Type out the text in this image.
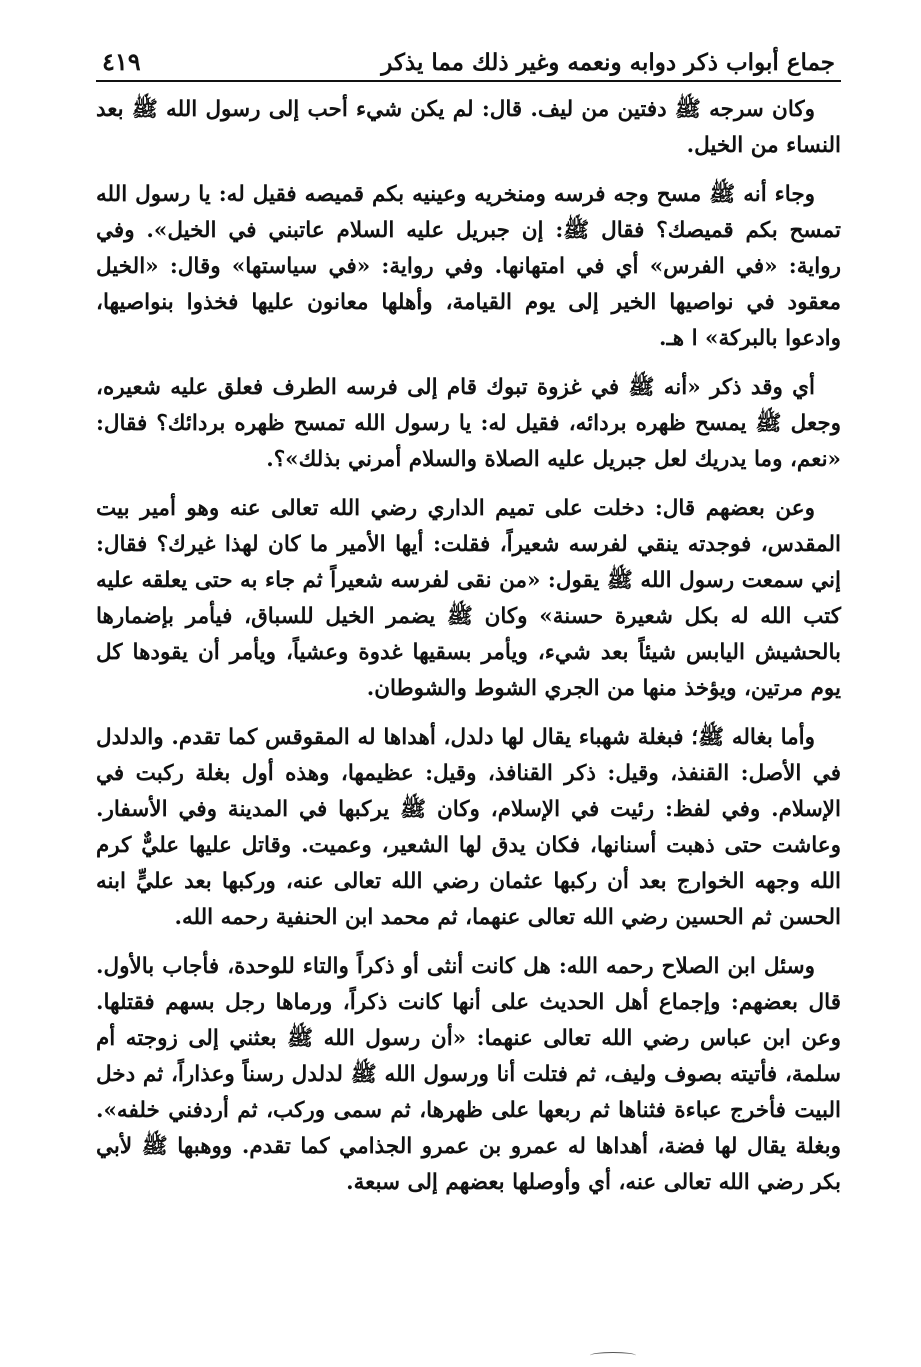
جماع أبواب ذكر دوابه ونعمه وغير ذلك مما يذكر
٤١٩

وكان سرجه ﷺ دفتين من ليف. قال: لم يكن شيء أحب إلى رسول الله ﷺ بعد النساء من الخيل.

وجاء أنه ﷺ مسح وجه فرسه ومنخريه وعينيه بكم قميصه فقيل له: يا رسول الله تمسح بكم قميصك؟ فقال ﷺ: إن جبريل عليه السلام عاتبني في الخيل». وفي رواية: «في الفرس» أي في امتهانها. وفي رواية: «في سياستها» وقال: «الخيل معقود في نواصيها الخير إلى يوم القيامة، وأهلها معانون عليها فخذوا بنواصيها، وادعوا بالبركة» ا هـ.

أي وقد ذكر «أنه ﷺ في غزوة تبوك قام إلى فرسه الطرف فعلق عليه شعيره، وجعل ﷺ يمسح ظهره بردائه، فقيل له: يا رسول الله تمسح ظهره بردائك؟ فقال: «نعم، وما يدريك لعل جبريل عليه الصلاة والسلام أمرني بذلك»؟.

وعن بعضهم قال: دخلت على تميم الداري رضي الله تعالى عنه وهو أمير بيت المقدس، فوجدته ينقي لفرسه شعيراً، فقلت: أيها الأمير ما كان لهذا غيرك؟ فقال: إني سمعت رسول الله ﷺ يقول: «من نقى لفرسه شعيراً ثم جاء به حتى يعلقه عليه كتب الله له بكل شعيرة حسنة» وكان ﷺ يضمر الخيل للسباق، فيأمر بإضمارها بالحشيش اليابس شيئاً بعد شيء، ويأمر بسقيها غدوة وعشياً، ويأمر أن يقودها كل يوم مرتين، ويؤخذ منها من الجري الشوط والشوطان.

وأما بغاله ﷺ؛ فبغلة شهباء يقال لها دلدل، أهداها له المقوقس كما تقدم. والدلدل في الأصل: القنفذ، وقيل: ذكر القنافذ، وقيل: عظيمها، وهذه أول بغلة ركبت في الإسلام. وفي لفظ: رئيت في الإسلام، وكان ﷺ يركبها في المدينة وفي الأسفار. وعاشت حتى ذهبت أسنانها، فكان يدق لها الشعير، وعميت. وقاتل عليها عليٌّ كرم الله وجهه الخوارج بعد أن ركبها عثمان رضي الله تعالى عنه، وركبها بعد عليٍّ ابنه الحسن ثم الحسين رضي الله تعالى عنهما، ثم محمد ابن الحنفية رحمه الله.

وسئل ابن الصلاح رحمه الله: هل كانت أنثى أو ذكراً والتاء للوحدة، فأجاب بالأول. قال بعضهم: وإجماع أهل الحديث على أنها كانت ذكراً، ورماها رجل بسهم فقتلها. وعن ابن عباس رضي الله تعالى عنهما: «أن رسول الله ﷺ بعثني إلى زوجته أم سلمة، فأتيته بصوف وليف، ثم فتلت أنا ورسول الله ﷺ لدلدل رسناً وعذاراً، ثم دخل البيت فأخرج عباءة فثناها ثم ربعها على ظهرها، ثم سمى وركب، ثم أردفني خلفه». وبغلة يقال لها فضة، أهداها له عمرو بن عمرو الجذامي كما تقدم. ووهبها ﷺ لأبي بكر رضي الله تعالى عنه، أي وأوصلها بعضهم إلى سبعة.
